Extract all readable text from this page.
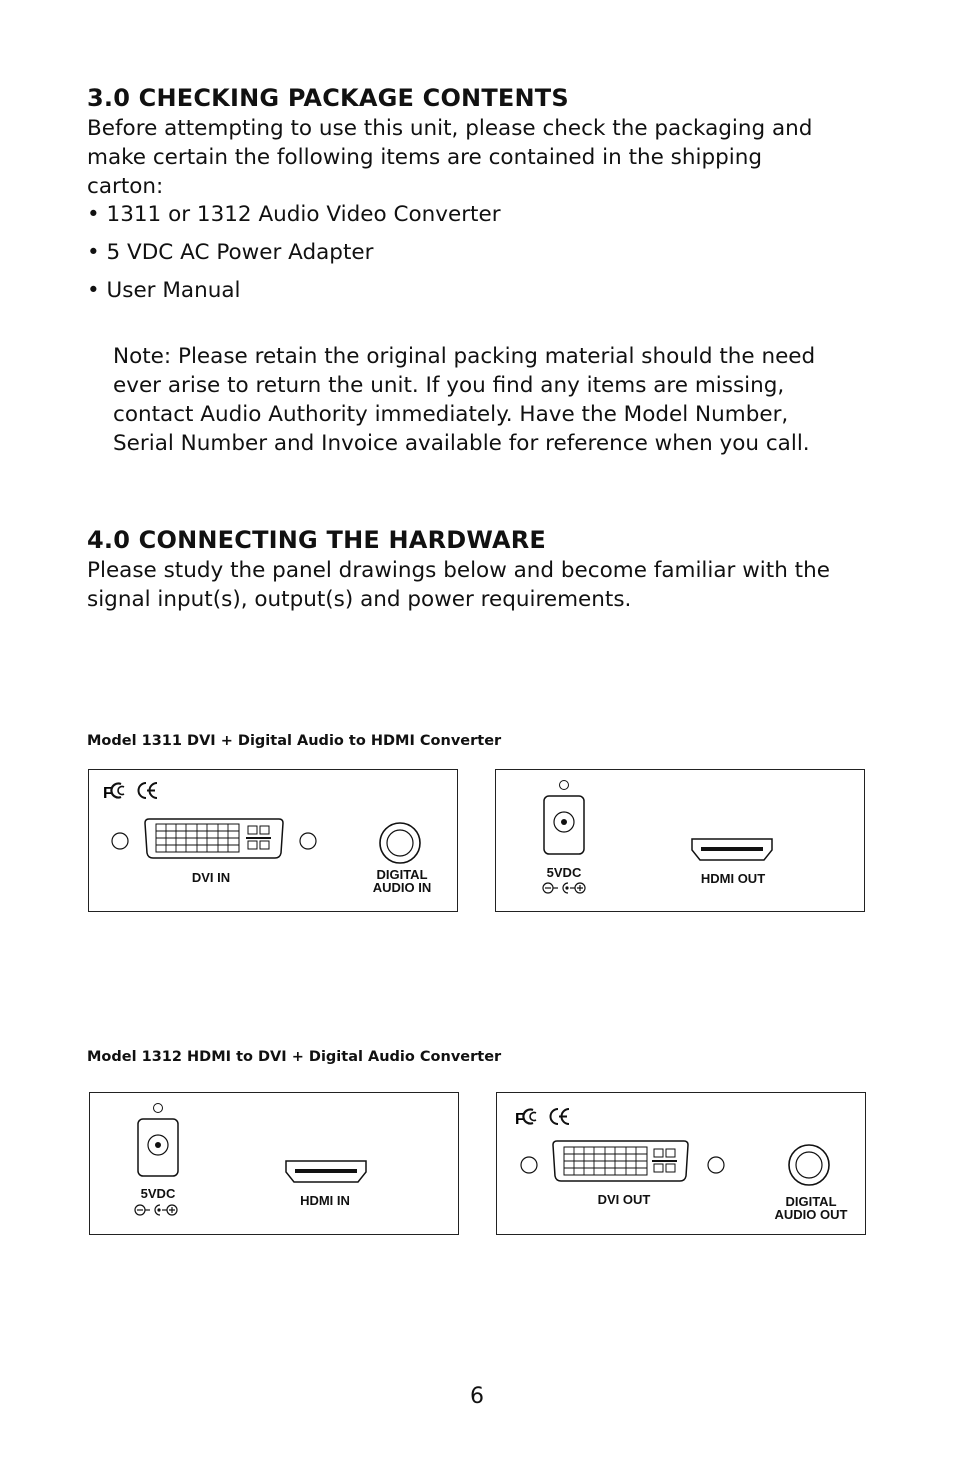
3.0 CHECKING PACKAGE CONTENTS
Before attempting to use this unit, please check the packaging and
make certain the following items are contained in the shipping
carton:
• 1311 or 1312 Audio Video Converter
• 5 VDC AC Power Adapter
• User Manual
Note: Please retain the original packing material should the need
ever arise to return the unit. If you find any items are missing,
contact Audio Authority immediately. Have the Model Number,
Serial Number and Invoice available for reference when you call.
4.0 CONNECTING THE HARDWARE
Please study the panel drawings below and become familiar with the
signal input(s), output(s) and power requirements.
Model 1311 DVI + Digital Audio to HDMI Converter
F
DVI IN	DIGITAL
AUDIO IN
5VDC	HDMI OUT
Model 1312 HDMI to DVI + Digital Audio Converter
5VDC	HDMI IN
F
DVI OUT	DIGITAL
AUDIO OUT
6
